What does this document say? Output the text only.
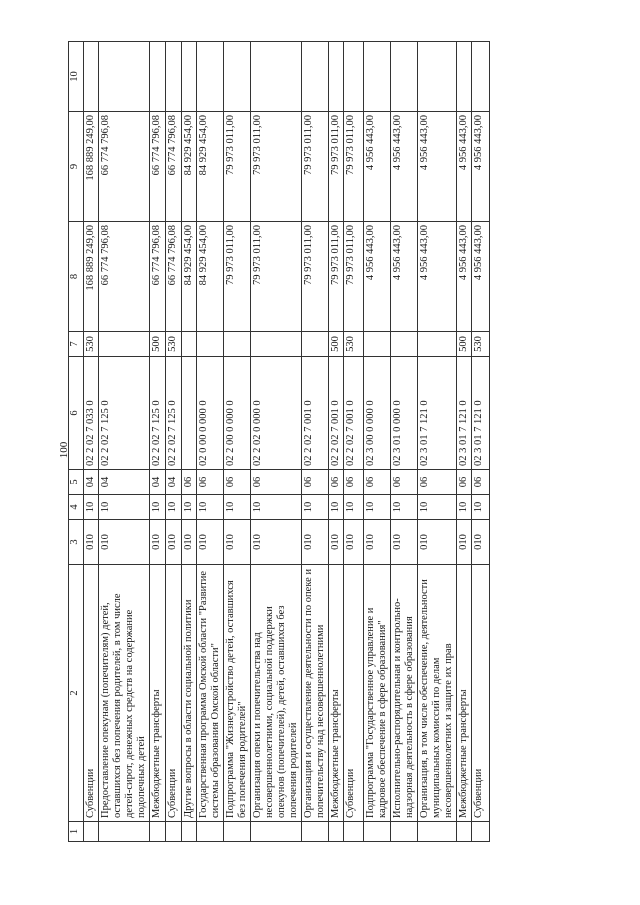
100
1	2	3	4	5	6	7	8	9	10
	Субвенции	010	10	04	02 2 02 7 033 0	530	168 889 249,00	168 889 249,00	
	Предоставление опекунам (попечителям) детей, оставшихся без попечения родителей, в том числе детей-сирот, денежных средств на содержание подопечных детей	010	10	04	02 2 02 7 125 0		66 774 796,08	66 774 796,08	
	Межбюджетные трансферты	010	10	04	02 2 02 7 125 0	500	66 774 796,08	66 774 796,08	
	Субвенции	010	10	04	02 2 02 7 125 0	530	66 774 796,08	66 774 796,08	
	Другие вопросы в области социальной политики	010	10	06			84 929 454,00	84 929 454,00	
	Государственная программа Омской области "Развитие системы образования Омской области"	010	10	06	02 0 00 0 000 0		84 929 454,00	84 929 454,00	
	Подпрограмма "Жизнеустройство детей, оставшихся без попечения родителей"	010	10	06	02 2 00 0 000 0		79 973 011,00	79 973 011,00	
	Организация опеки и попечительства над несовершеннолетними, социальной поддержки опекунов (попечителей), детей, оставшихся без попечения родителей	010	10	06	02 2 02 0 000 0		79 973 011,00	79 973 011,00	
	Организация и осуществление деятельности по опеке и попечительству над несовершеннолетними	010	10	06	02 2 02 7 001 0		79 973 011,00	79 973 011,00	
	Межбюджетные трансферты	010	10	06	02 2 02 7 001 0	500	79 973 011,00	79 973 011,00	
	Субвенции	010	10	06	02 2 02 7 001 0	530	79 973 011,00	79 973 011,00	
	Подпрограмма "Государственное управление и кадровое обеспечение в сфере образования"	010	10	06	02 3 00 0 000 0		4 956 443,00	4 956 443,00	
	Исполнительно-распорядительная и контрольно-надзорная деятельность в сфере образования	010	10	06	02 3 01 0 000 0		4 956 443,00	4 956 443,00	
	Организация, в том числе обеспечение, деятельности муниципальных комиссий по делам несовершеннолетних и защите их прав	010	10	06	02 3 01 7 121 0		4 956 443,00	4 956 443,00	
	Межбюджетные трансферты	010	10	06	02 3 01 7 121 0	500	4 956 443,00	4 956 443,00	
	Субвенции	010	10	06	02 3 01 7 121 0	530	4 956 443,00	4 956 443,00	
